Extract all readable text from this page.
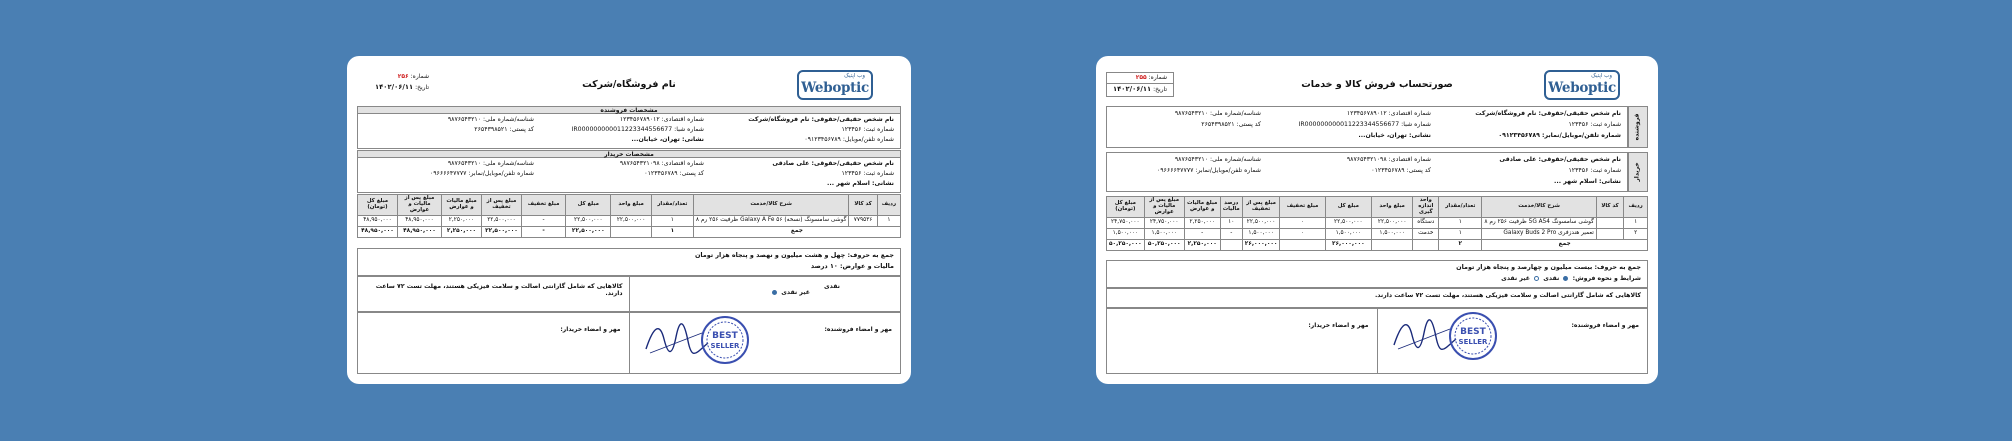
وب اپتیک
Weboptic
نام فروشگاه/شرکت
شماره: ۲۵۶
تاریخ: ۱۴۰۲/۰۶/۱۱
مشخصات فروشنده
نام شخص حقیقی/حقوقی: نام فروشگاه/شرکت
شماره اقتصادی: ۱۲۳۴۵۶۷۸۹۰۱۲
شناسه/شماره ملی: ۹۸۷۶۵۴۳۲۱۰
شماره ثبت: ۱۲۳۴۵۶
شماره شبا: IR000000000011223344556677
کد پستی: ۲۶۵۴۳۹۸۵۲۱
شماره تلفن/موبایل: ۰۹۱۲۳۴۵۶۷۸۹
نشانی: تهران، خیابان...
مشخصات خریدار
نام شخص حقیقی/حقوقی: علی صادقی
شماره اقتصادی: ۹۸۷۶۵۴۳۲۱۰۹۸
شناسه/شماره ملی: ۹۸۷۶۵۴۳۲۱۰
شماره ثبت: ۱۲۳۴۵۶
کد پستی: ۰۱۲۳۴۵۶۷۸۹
شماره تلفن/موبایل/نمابر: ۰۹۶۶۶۶۴۷۷۷۷
نشانی: اسلام شهر ...
ردیف	کد کالا	شرح کالا/خدمت	تعداد/مقدار	مبلغ واحد	مبلغ کل	مبلغ تخفیف	مبلغ پس از تخفیف	مبلغ مالیات و عوارض	مبلغ پس از مالیات و عوارض	مبلغ کل (تومان)
۱	۷۷۹۵۳۶	گوشی سامسونگ (نسخه) ۵۶ Galaxy A Fe ظرفیت ۲۵۶ رم ۸	۱	۲۲,۵۰۰,۰۰۰	۲۲,۵۰۰,۰۰۰	-	۲۲,۵۰۰,۰۰۰	۲,۲۵۰,۰۰۰	۴۸,۹۵۰,۰۰۰	۴۸,۹۵۰,۰۰۰
جمع			۱		۲۲,۵۰۰,۰۰۰	-	۲۲,۵۰۰,۰۰۰	۲,۲۵۰,۰۰۰	۴۸,۹۵۰,۰۰۰	۴۸,۹۵۰,۰۰۰
جمع به حروف: چهل و هشت میلیون و نهصد و پنجاه هزار تومان
مالیات و عوارض: ۱۰ درصد
نقدی
غیر نقدی
کالاهایی که شامل گارانتی اصالت و سلامت فیزیکی هستند، مهلت تست ۷۲ ساعت دارند.
مهر و امضاء فروشنده:
BEST
SELLER
مهر و امضاء خریدار:
وب اپتیک
Weboptic
صورتحساب فروش کالا و خدمات
شماره: ۲۵۵
تاریخ: ۱۴۰۲/۰۶/۱۱
فروشنده
نام شخص حقیقی/حقوقی: نام فروشگاه/شرکت
شماره اقتصادی: ۱۲۳۴۵۶۷۸۹۰۱۲
شناسه/شماره ملی: ۹۸۷۶۵۴۳۲۱۰
شماره ثبت: ۱۲۳۴۵۶
شماره شبا: IR000000000011223344556677
کد پستی: ۲۶۵۴۳۹۸۵۲۱
شماره تلفن/موبایل/نمابر: ۰۹۱۲۳۴۵۶۷۸۹
نشانی: تهران، خیابان...
خریدار
نام شخص حقیقی/حقوقی: علی صادقی
شماره اقتصادی: ۹۸۷۶۵۴۳۲۱۰۹۸
شناسه/شماره ملی: ۹۸۷۶۵۴۳۲۱۰
شماره ثبت: ۱۲۳۴۵۶
کد پستی: ۰۱۲۳۴۵۶۷۸۹
شماره تلفن/موبایل/نمابر: ۰۹۶۶۶۶۴۷۷۷۷
نشانی: اسلام شهر ...
ردیف	کد کالا	شرح کالا/خدمت	تعداد/مقدار	واحد اندازه گیری	مبلغ واحد	مبلغ کل	مبلغ تخفیف	مبلغ پس از تخفیف	درصد مالیات	مبلغ مالیات و عوارض	مبلغ پس از مالیات و عوارض	مبلغ کل (تومان)
۱		گوشی سامسونگ 5G A54 ظرفیت ۲۵۶ رم ۸	۱	دستگاه	۲۲,۵۰۰,۰۰۰	۲۲,۵۰۰,۰۰۰	۰	۲۲,۵۰۰,۰۰۰	۱۰	۲,۲۵۰,۰۰۰	۲۴,۷۵۰,۰۰۰	۲۴,۷۵۰,۰۰۰
۲		تعمیر هندزفری Galaxy Buds 2 Pro	۱	خدمت	۱,۵۰۰,۰۰۰	۱,۵۰۰,۰۰۰	۰	۱,۵۰۰,۰۰۰	-	-	۱,۵۰۰,۰۰۰	۱,۵۰۰,۰۰۰
جمع			۲			۲۶,۰۰۰,۰۰۰		۲۶,۰۰۰,۰۰۰		۲,۲۵۰,۰۰۰	۵۰,۲۵۰,۰۰۰	۵۰,۲۵۰,۰۰۰
جمع به حروف: بیست میلیون و چهارصد و پنجاه هزار تومان
شرایط و نحوه فروش:  نقدی  غیر نقدی
کالاهایی که شامل گارانتی اصالت و سلامت فیزیکی هستند، مهلت تست ۷۲ ساعت دارند.
مهر و امضاء فروشنده:
BEST
SELLER
مهر و امضاء خریدار:
